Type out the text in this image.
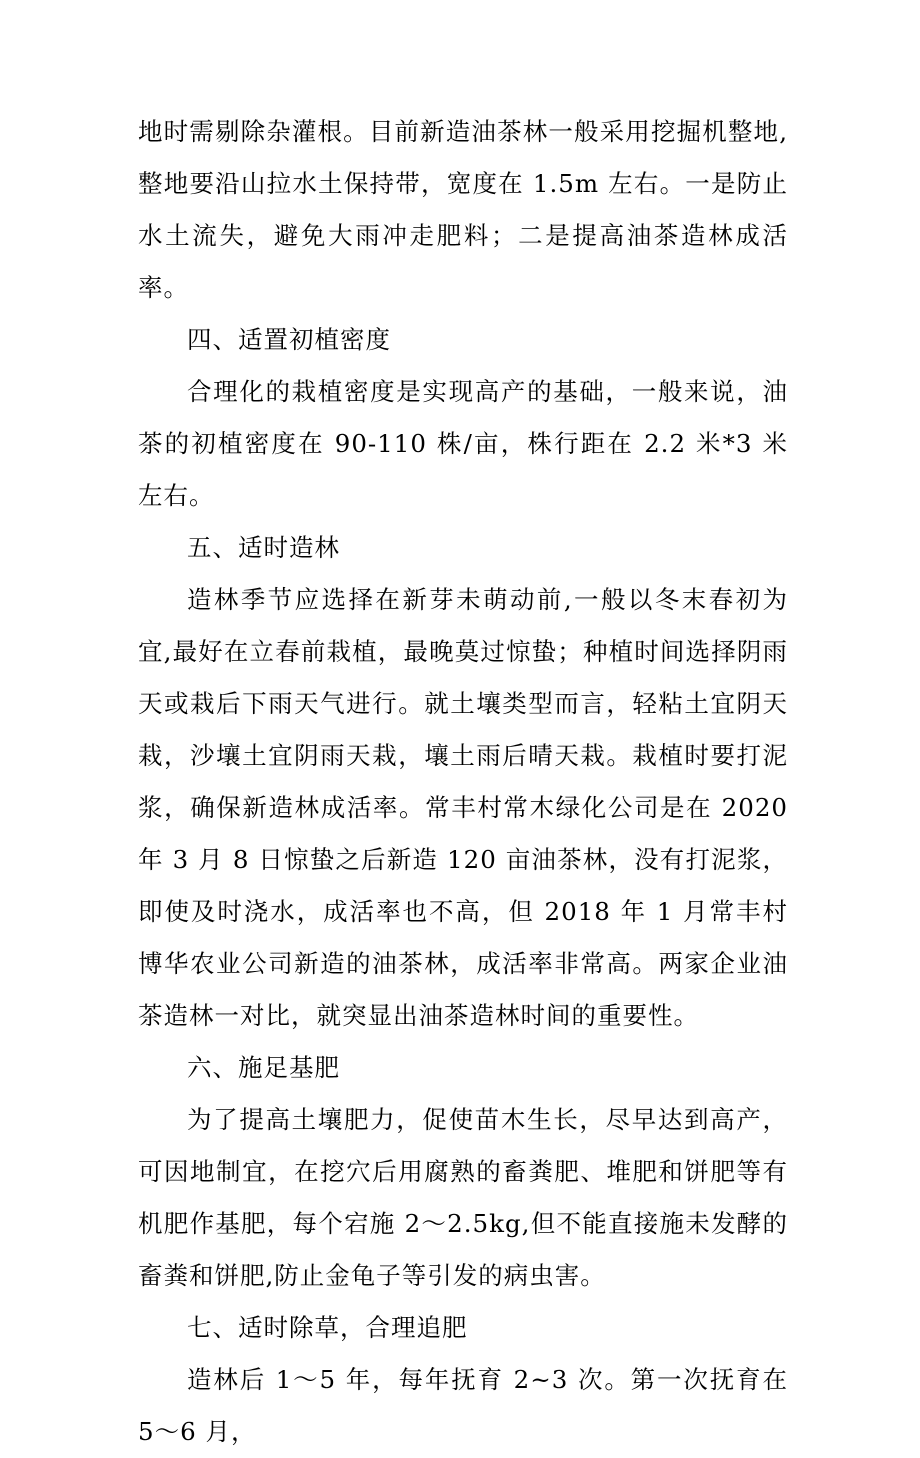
地时需剔除杂灌根。目前新造油茶林一般采用挖掘机整地,整地要沿山拉水土保持带，宽度在 1.5m 左右。一是防止水土流失，避免大雨冲走肥料；二是提高油茶造林成活率。

四、适置初植密度

合理化的栽植密度是实现高产的基础，一般来说，油茶的初植密度在 90-110 株/亩，株行距在 2.2 米*3 米左右。

五、适时造林

造林季节应选择在新芽未萌动前,一般以冬末春初为宜,最好在立春前栽植，最晚莫过惊蛰；种植时间选择阴雨天或栽后下雨天气进行。就土壤类型而言，轻粘土宜阴天栽，沙壤土宜阴雨天栽，壤土雨后晴天栽。栽植时要打泥浆，确保新造林成活率。常丰村常木绿化公司是在 2020 年 3 月 8 日惊蛰之后新造 120 亩油茶林，没有打泥浆，即使及时浇水，成活率也不高，但 2018 年 1 月常丰村博华农业公司新造的油茶林，成活率非常高。两家企业油茶造林一对比，就突显出油茶造林时间的重要性。

六、施足基肥

为了提高土壤肥力，促使苗木生长，尽早达到高产，可因地制宜，在挖穴后用腐熟的畜粪肥、堆肥和饼肥等有机肥作基肥，每个宕施 2～2.5kg,但不能直接施未发酵的畜粪和饼肥,防止金龟子等引发的病虫害。

七、适时除草，合理追肥

造林后 1～5 年，每年抚育 2~3 次。第一次抚育在 5～6 月，
